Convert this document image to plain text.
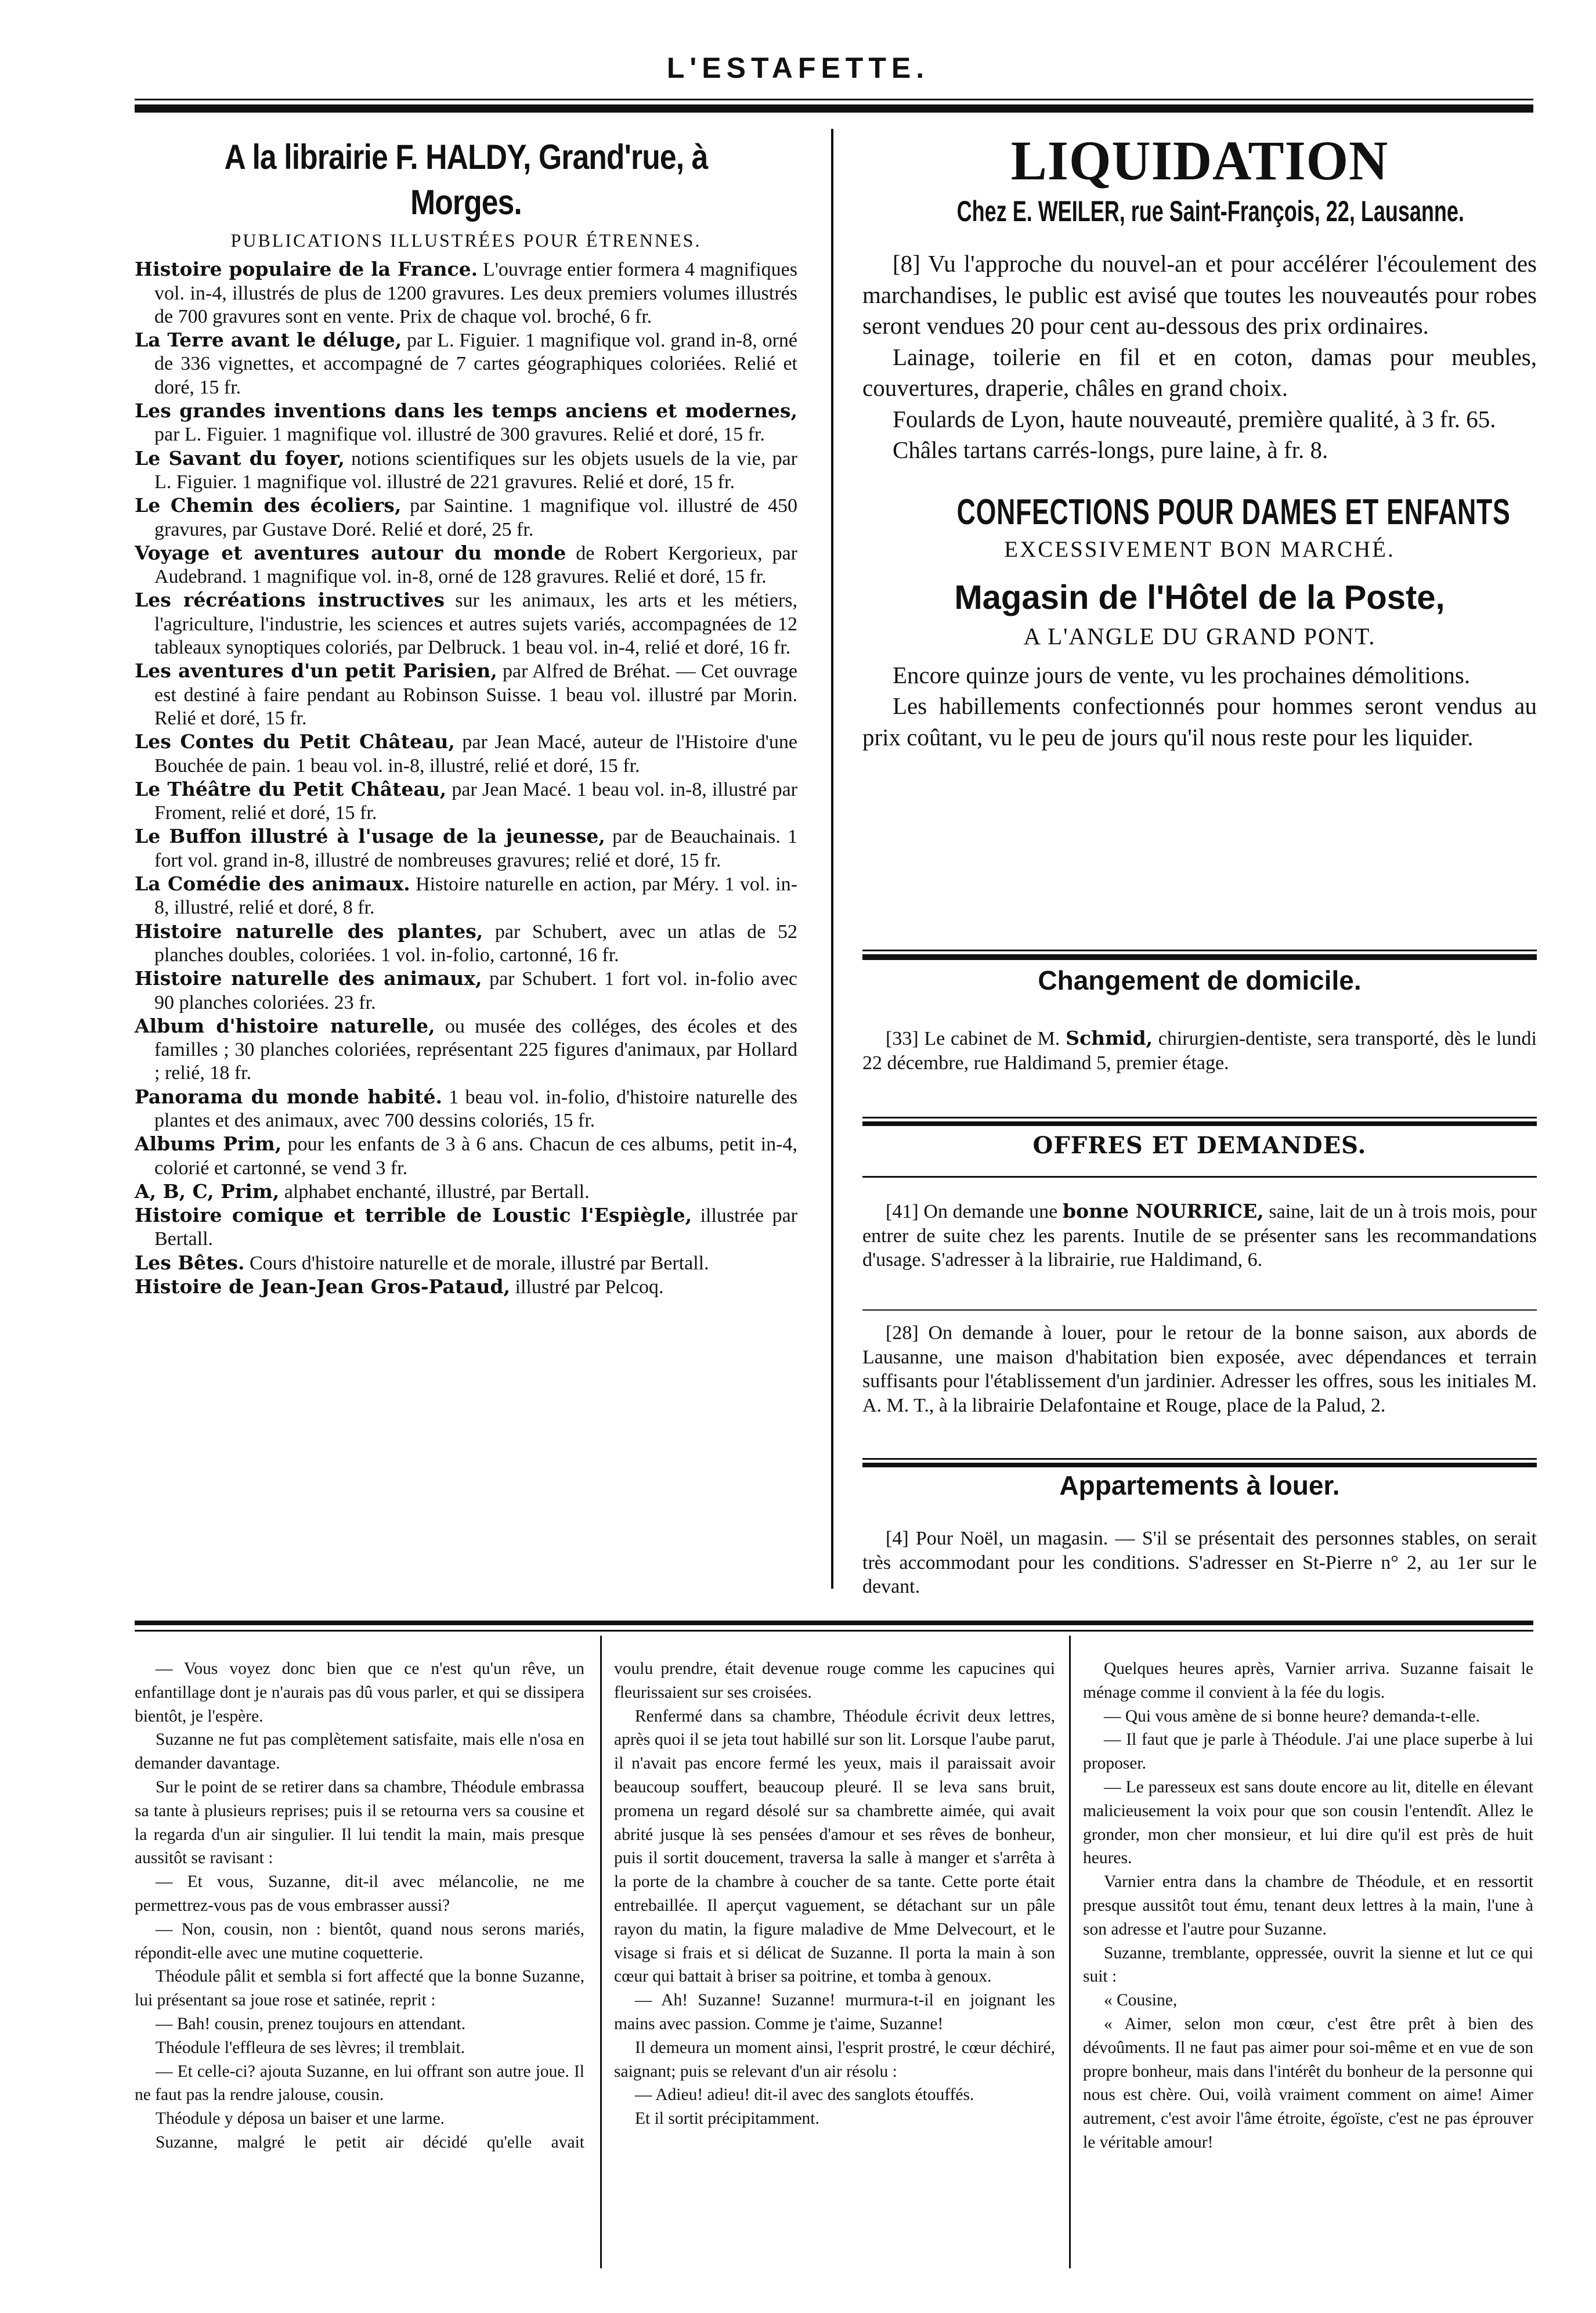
L'ESTAFETTE.
A la librairie F. HALDY, Grand'rue, à Morges.
PUBLICATIONS ILLUSTRÉES POUR ÉTRENNES.

Histoire populaire de la France. L'ouvrage entier formera 4 magnifiques vol. in-4, illustrés de plus de 1200 gravures. Les deux premiers volumes illustrés de 700 gravures sont en vente. Prix de chaque vol. broché, 6 fr.

La Terre avant le déluge, par L. Figuier. 1 magnifique vol. grand in-8, orné de 336 vignettes, et accompagné de 7 cartes géographiques coloriées. Relié et doré, 15 fr.

Les grandes inventions dans les temps anciens et modernes, par L. Figuier. 1 magnifique vol. illustré de 300 gravures. Relié et doré, 15 fr.

Le Savant du foyer, notions scientifiques sur les objets usuels de la vie, par L. Figuier. 1 magnifique vol. illustré de 221 gravures. Relié et doré, 15 fr.

Le Chemin des écoliers, par Saintine. 1 magnifique vol. illustré de 450 gravures, par Gustave Doré. Relié et doré, 25 fr.

Voyage et aventures autour du monde de Robert Kergorieux, par Audebrand. 1 magnifique vol. in-8, orné de 128 gravures. Relié et doré, 15 fr.

Les récréations instructives sur les animaux, les arts et les métiers, l'agriculture, l'industrie, les sciences et autres sujets variés, accompagnées de 12 tableaux synoptiques coloriés, par Delbruck. 1 beau vol. in-4, relié et doré, 16 fr.

Les aventures d'un petit Parisien, par Alfred de Bréhat. — Cet ouvrage est destiné à faire pendant au Robinson Suisse. 1 beau vol. illustré par Morin. Relié et doré, 15 fr.

Les Contes du Petit Château, par Jean Macé, auteur de l'Histoire d'une Bouchée de pain. 1 beau vol. in-8, illustré, relié et doré, 15 fr.

Le Théâtre du Petit Château, par Jean Macé. 1 beau vol. in-8, illustré par Froment, relié et doré, 15 fr.

Le Buffon illustré à l'usage de la jeunesse, par de Beauchainais. 1 fort vol. grand in-8, illustré de nombreuses gravures; relié et doré, 15 fr.

La Comédie des animaux. Histoire naturelle en action, par Méry. 1 vol. in-8, illustré, relié et doré, 8 fr.

Histoire naturelle des plantes, par Schubert, avec un atlas de 52 planches doubles, coloriées. 1 vol. in-folio, cartonné, 16 fr.

Histoire naturelle des animaux, par Schubert. 1 fort vol. in-folio avec 90 planches coloriées. 23 fr.

Album d'histoire naturelle, ou musée des colléges, des écoles et des familles ; 30 planches coloriées, représentant 225 figures d'animaux, par Hollard ; relié, 18 fr.

Panorama du monde habité. 1 beau vol. in-folio, d'histoire naturelle des plantes et des animaux, avec 700 dessins coloriés, 15 fr.

Albums Prim, pour les enfants de 3 à 6 ans. Chacun de ces albums, petit in-4, colorié et cartonné, se vend 3 fr.

A, B, C, Prim, alphabet enchanté, illustré, par Bertall.

Histoire comique et terrible de Loustic l'Espiègle, illustrée par Bertall.

Les Bêtes. Cours d'histoire naturelle et de morale, illustré par Bertall.

Histoire de Jean-Jean Gros-Pataud, illustré par Pelcoq.

LIQUIDATION
Chez E. WEILER, rue Saint-François, 22, Lausanne.

[8] Vu l'approche du nouvel-an et pour accélérer l'écoulement des marchandises, le public est avisé que toutes les nouveautés pour robes seront vendues 20 pour cent au-dessous des prix ordinaires.

Lainage, toilerie en fil et en coton, damas pour meubles, couvertures, draperie, châles en grand choix.

Foulards de Lyon, haute nouveauté, première qualité, à 3 fr. 65.

Châles tartans carrés-longs, pure laine, à fr. 8.

CONFECTIONS POUR DAMES ET ENFANTS
EXCESSIVEMENT BON MARCHÉ.
Magasin de l'Hôtel de la Poste,
A L'ANGLE DU GRAND PONT.

Encore quinze jours de vente, vu les prochaines démolitions.

Les habillements confectionnés pour hommes seront vendus au prix coûtant, vu le peu de jours qu'il nous reste pour les liquider.

Changement de domicile.

[33] Le cabinet de M. Schmid, chirurgien-dentiste, sera transporté, dès le lundi 22 décembre, rue Haldimand 5, premier étage.

OFFRES ET DEMANDES.

[41] On demande une bonne NOURRICE, saine, lait de un à trois mois, pour entrer de suite chez les parents. Inutile de se présenter sans les recommandations d'usage. S'adresser à la librairie, rue Haldimand, 6.

[28] On demande à louer, pour le retour de la bonne saison, aux abords de Lausanne, une maison d'habitation bien exposée, avec dépendances et terrain suffisants pour l'établissement d'un jardinier. Adresser les offres, sous les initiales M. A. M. T., à la librairie Delafontaine et Rouge, place de la Palud, 2.

Appartements à louer.

[4] Pour Noël, un magasin. — S'il se présentait des personnes stables, on serait très accommodant pour les conditions. S'adresser en St-Pierre n° 2, au 1er sur le devant.

— Vous voyez donc bien que ce n'est qu'un rêve, un enfantillage dont je n'aurais pas dû vous parler, et qui se dissipera bientôt, je l'espère.

Suzanne ne fut pas complètement satisfaite, mais elle n'osa en demander davantage.

Sur le point de se retirer dans sa chambre, Théodule embrassa sa tante à plusieurs reprises; puis il se retourna vers sa cousine et la regarda d'un air singulier. Il lui tendit la main, mais presque aussitôt se ravisant :

— Et vous, Suzanne, dit-il avec mélancolie, ne me permettrez-vous pas de vous embrasser aussi?

— Non, cousin, non : bientôt, quand nous serons mariés, répondit-elle avec une mutine coquetterie.

Théodule pâlit et sembla si fort affecté que la bonne Suzanne, lui présentant sa joue rose et satinée, reprit :

— Bah! cousin, prenez toujours en attendant.

Théodule l'effleura de ses lèvres; il tremblait.

— Et celle-ci? ajouta Suzanne, en lui offrant son autre joue. Il ne faut pas la rendre jalouse, cousin.

Théodule y déposa un baiser et une larme.

Suzanne, malgré le petit air décidé qu'elle avait

voulu prendre, était devenue rouge comme les capucines qui fleurissaient sur ses croisées.

Renfermé dans sa chambre, Théodule écrivit deux lettres, après quoi il se jeta tout habillé sur son lit. Lorsque l'aube parut, il n'avait pas encore fermé les yeux, mais il paraissait avoir beaucoup souffert, beaucoup pleuré. Il se leva sans bruit, promena un regard désolé sur sa chambrette aimée, qui avait abrité jusque là ses pensées d'amour et ses rêves de bonheur, puis il sortit doucement, traversa la salle à manger et s'arrêta à la porte de la chambre à coucher de sa tante. Cette porte était entrebaillée. Il aperçut vaguement, se détachant sur un pâle rayon du matin, la figure maladive de Mme Delvecourt, et le visage si frais et si délicat de Suzanne. Il porta la main à son cœur qui battait à briser sa poitrine, et tomba à genoux.

— Ah! Suzanne! Suzanne! murmura-t-il en joignant les mains avec passion. Comme je t'aime, Suzanne!

Il demeura un moment ainsi, l'esprit prostré, le cœur déchiré, saignant; puis se relevant d'un air résolu :

— Adieu! adieu! dit-il avec des sanglots étouffés.

Et il sortit précipitamment.

Quelques heures après, Varnier arriva. Suzanne faisait le ménage comme il convient à la fée du logis.

— Qui vous amène de si bonne heure? demanda-t-elle.

— Il faut que je parle à Théodule. J'ai une place superbe à lui proposer.

— Le paresseux est sans doute encore au lit, ditelle en élevant malicieusement la voix pour que son cousin l'entendît. Allez le gronder, mon cher monsieur, et lui dire qu'il est près de huit heures.

Varnier entra dans la chambre de Théodule, et en ressortit presque aussitôt tout ému, tenant deux lettres à la main, l'une à son adresse et l'autre pour Suzanne.

Suzanne, tremblante, oppressée, ouvrit la sienne et lut ce qui suit :

« Cousine,

« Aimer, selon mon cœur, c'est être prêt à bien des dévoûments. Il ne faut pas aimer pour soi-même et en vue de son propre bonheur, mais dans l'intérêt du bonheur de la personne qui nous est chère. Oui, voilà vraiment comment on aime! Aimer autrement, c'est avoir l'âme étroite, égoïste, c'est ne pas éprouver le véritable amour!
